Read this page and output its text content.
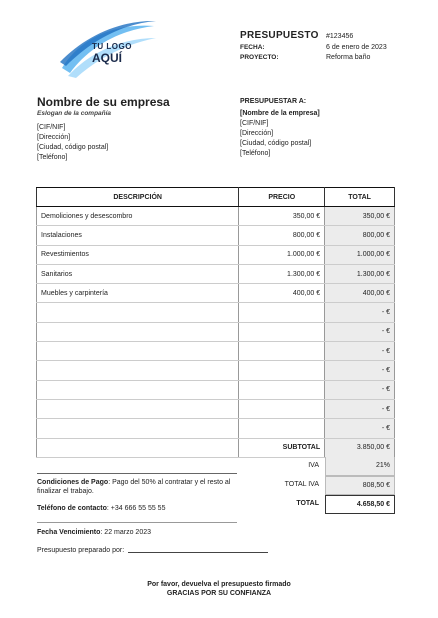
TU LOGO
AQUÍ
PRESUPUESTO #123456
FECHA:	6 de enero de 2023
PROYECTO:	Reforma baño
Nombre de su empresa
Eslogan de la compañía
[CIF/NIF]
[Dirección]
[Ciudad, código postal]
[Teléfono]
PRESUPUESTAR A:
[Nombre de la empresa]
[CIF/NIF]
[Dirección]
[Ciudad, código postal]
[Teléfono]
DESCRIPCIÓN	PRECIO	TOTAL
Demoliciones y desescombro	350,00 €	350,00 €
Instalaciones	800,00 €	800,00 €
Revestimientos	1.000,00 €	1.000,00 €
Sanitarios	1.300,00 €	1.300,00 €
Muebles y carpintería	400,00 €	400,00 €
		- €
		- €
		- €
		- €
		- €
		- €
		- €
	SUBTOTAL	3.850,00 €
IVA	21%
TOTAL IVA	808,50 €
TOTAL	4.658,50 €
Condiciones de Pago: Pago del 50% al contratar y el resto al finalizar el trabajo.
Teléfono de contacto: +34 666 55 55 55
Fecha Vencimiento: 22 marzo 2023
Presupuesto preparado por:
Por favor, devuelva el presupuesto firmado
GRACIAS POR SU CONFIANZA
